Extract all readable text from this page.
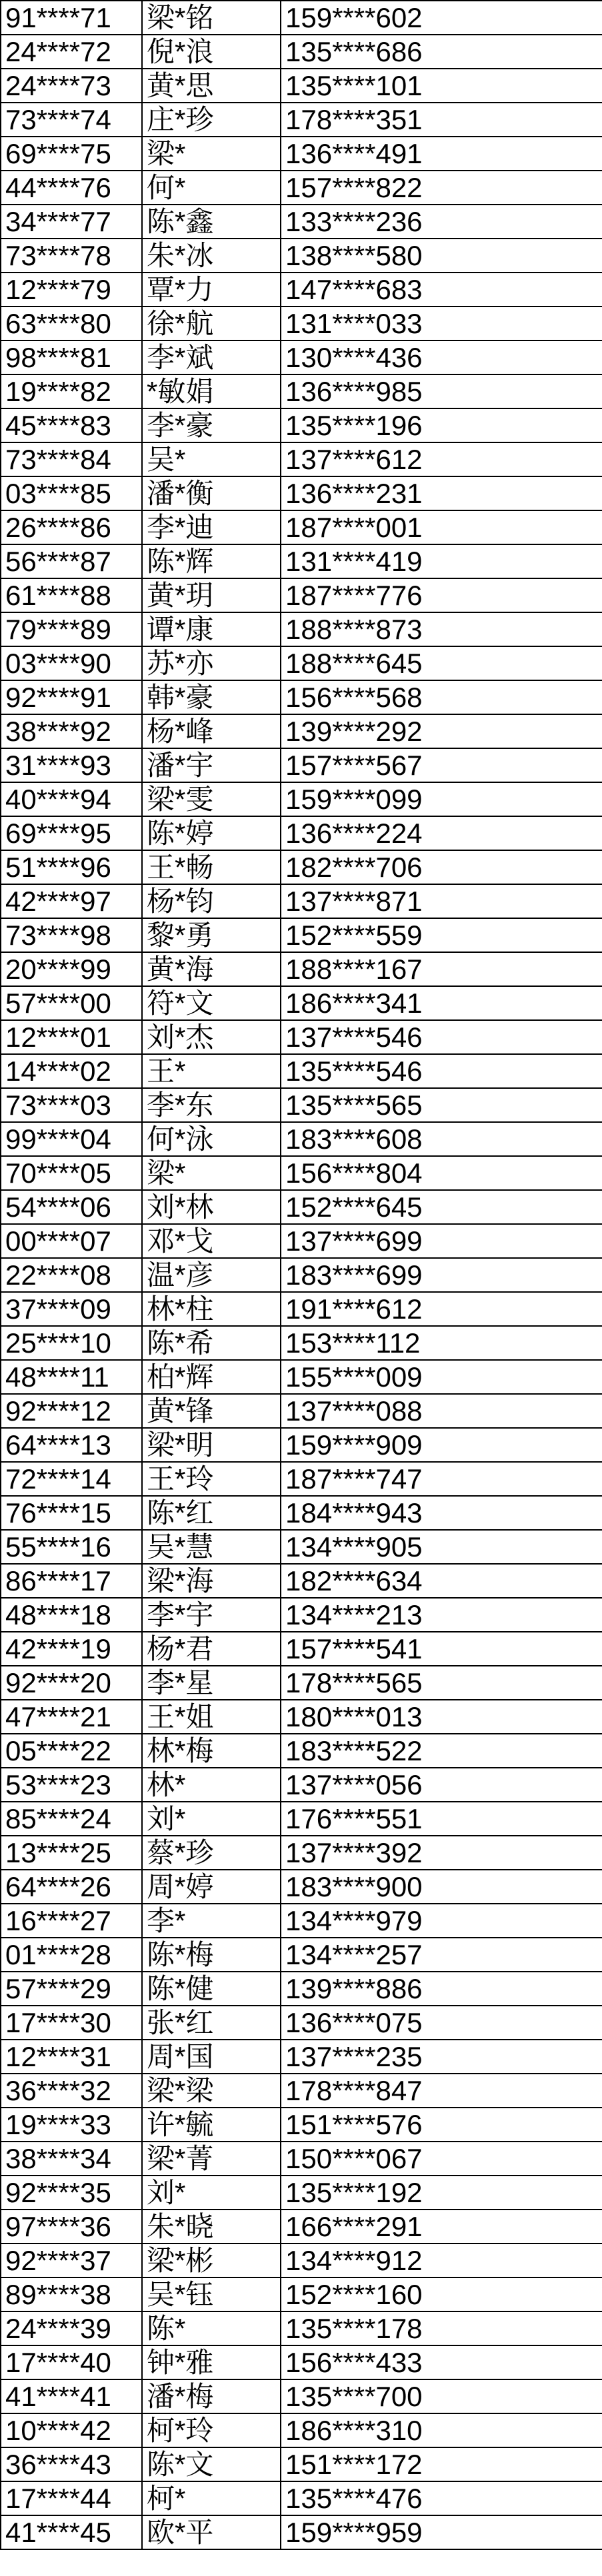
91****71	梁*铭	159****602
24****72	倪*浪	135****686
24****73	黄*思	135****101
73****74	庄*珍	178****351
69****75	梁*	136****491
44****76	何*	157****822
34****77	陈*鑫	133****236
73****78	朱*冰	138****580
12****79	覃*力	147****683
63****80	徐*航	131****033
98****81	李*斌	130****436
19****82	*敏娟	136****985
45****83	李*豪	135****196
73****84	吴*	137****612
03****85	潘*衡	136****231
26****86	李*迪	187****001
56****87	陈*辉	131****419
61****88	黄*玥	187****776
79****89	谭*康	188****873
03****90	苏*亦	188****645
92****91	韩*豪	156****568
38****92	杨*峰	139****292
31****93	潘*宇	157****567
40****94	梁*雯	159****099
69****95	陈*婷	136****224
51****96	王*畅	182****706
42****97	杨*钧	137****871
73****98	黎*勇	152****559
20****99	黄*海	188****167
57****00	符*文	186****341
12****01	刘*杰	137****546
14****02	王*	135****546
73****03	李*东	135****565
99****04	何*泳	183****608
70****05	梁*	156****804
54****06	刘*林	152****645
00****07	邓*戈	137****699
22****08	温*彦	183****699
37****09	林*柱	191****612
25****10	陈*希	153****112
48****11	柏*辉	155****009
92****12	黄*锋	137****088
64****13	梁*明	159****909
72****14	王*玲	187****747
76****15	陈*红	184****943
55****16	吴*慧	134****905
86****17	梁*海	182****634
48****18	李*宇	134****213
42****19	杨*君	157****541
92****20	李*星	178****565
47****21	王*姐	180****013
05****22	林*梅	183****522
53****23	林*	137****056
85****24	刘*	176****551
13****25	蔡*珍	137****392
64****26	周*婷	183****900
16****27	李*	134****979
01****28	陈*梅	134****257
57****29	陈*健	139****886
17****30	张*红	136****075
12****31	周*国	137****235
36****32	梁*梁	178****847
19****33	许*毓	151****576
38****34	梁*菁	150****067
92****35	刘*	135****192
97****36	朱*晓	166****291
92****37	梁*彬	134****912
89****38	吴*钰	152****160
24****39	陈*	135****178
17****40	钟*雅	156****433
41****41	潘*梅	135****700
10****42	柯*玲	186****310
36****43	陈*文	151****172
17****44	柯*	135****476
41****45	欧*平	159****959
